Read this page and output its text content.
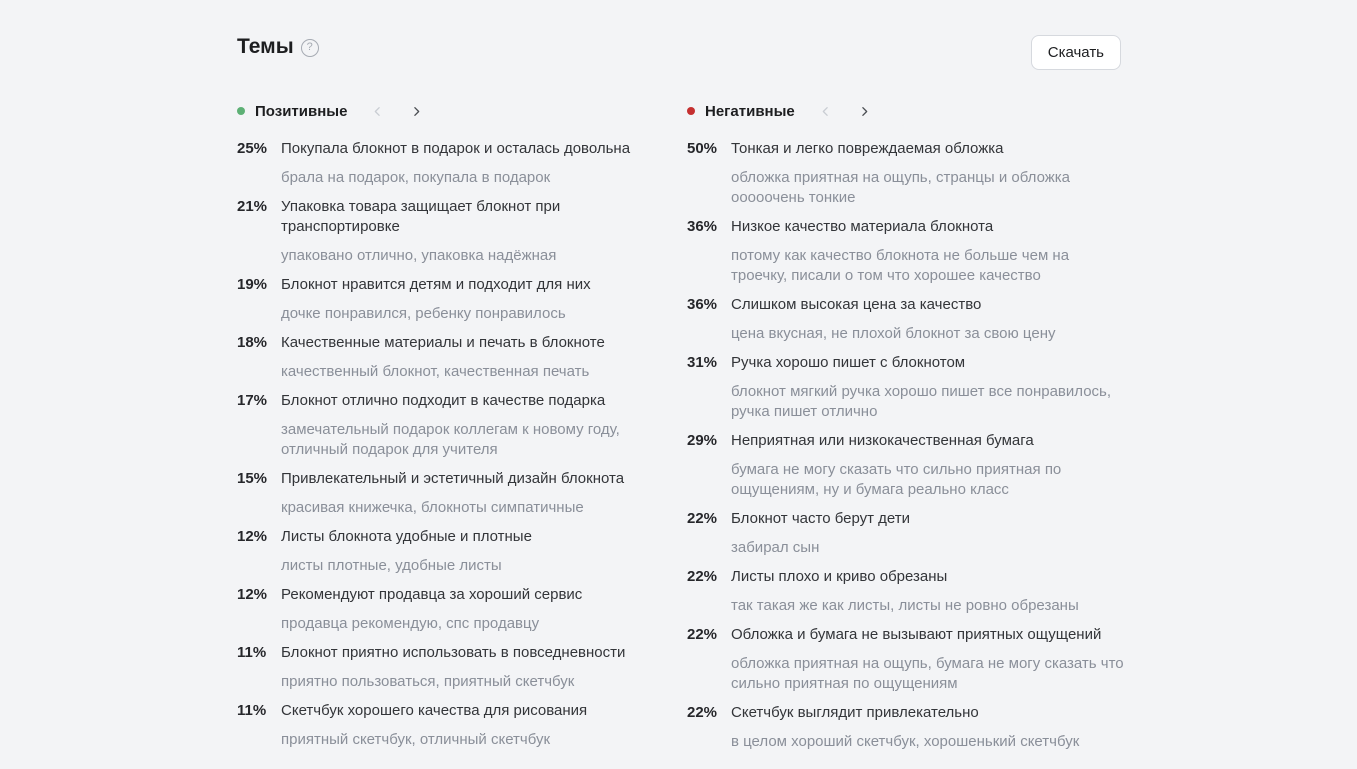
Темы	?	Скачать
Позитивные
25% Покупала блокнот в подарок и осталась довольна
брала на подарок, покупала в подарок
21% Упаковка товара защищает блокнот при транспортировке
упаковано отлично, упаковка надёжная
19% Блокнот нравится детям и подходит для них
дочке понравился, ребенку понравилось
18% Качественные материалы и печать в блокноте
качественный блокнот, качественная печать
17% Блокнот отлично подходит в качестве подарка
замечательный подарок коллегам к новому году, отличный подарок для учителя
15% Привлекательный и эстетичный дизайн блокнота
красивая книжечка, блокноты симпатичные
12% Листы блокнота удобные и плотные
листы плотные, удобные листы
12% Рекомендуют продавца за хороший сервис
продавца рекомендую, спс продавцу
11% Блокнот приятно использовать в повседневности
приятно пользоваться, приятный скетчбук
11% Скетчбук хорошего качества для рисования
приятный скетчбук, отличный скетчбук
Негативные
50% Тонкая и легко повреждаемая обложка
обложка приятная на ощупь, странцы и обложка ооооочень тонкие
36% Низкое качество материала блокнота
потому как качество блокнота не больше чем на троечку, писали о том что хорошее качество
36% Слишком высокая цена за качество
цена вкусная, не плохой блокнот за свою цену
31% Ручка хорошо пишет с блокнотом
блокнот мягкий ручка хорошо пишет все понравилось, ручка пишет отлично
29% Неприятная или низкокачественная бумага
бумага не могу сказать что сильно приятная по ощущениям, ну и бумага реально класс
22% Блокнот часто берут дети
забирал сын
22% Листы плохо и криво обрезаны
так такая же как листы, листы не ровно обрезаны
22% Обложка и бумага не вызывают приятных ощущений
обложка приятная на ощупь, бумага не могу сказать что сильно приятная по ощущениям
22% Скетчбук выглядит привлекательно
в целом хороший скетчбук, хорошенький скетчбук
